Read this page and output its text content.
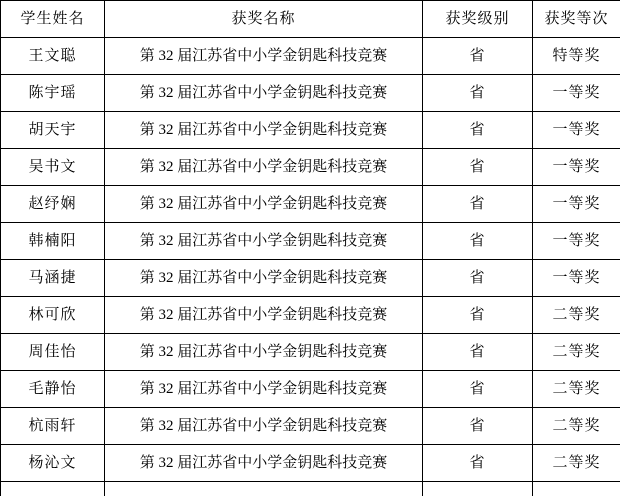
学生姓名	获奖名称	获奖级别	获奖等次
王文聪	第 32 届江苏省中小学金钥匙科技竞赛	省	特等奖
陈宇瑶	第 32 届江苏省中小学金钥匙科技竞赛	省	一等奖
胡天宇	第 32 届江苏省中小学金钥匙科技竞赛	省	一等奖
吴书文	第 32 届江苏省中小学金钥匙科技竞赛	省	一等奖
赵纾娴	第 32 届江苏省中小学金钥匙科技竞赛	省	一等奖
韩楠阳	第 32 届江苏省中小学金钥匙科技竞赛	省	一等奖
马涵捷	第 32 届江苏省中小学金钥匙科技竞赛	省	一等奖
林可欣	第 32 届江苏省中小学金钥匙科技竞赛	省	二等奖
周佳怡	第 32 届江苏省中小学金钥匙科技竞赛	省	二等奖
毛静怡	第 32 届江苏省中小学金钥匙科技竞赛	省	二等奖
杭雨轩	第 32 届江苏省中小学金钥匙科技竞赛	省	二等奖
杨沁文	第 32 届江苏省中小学金钥匙科技竞赛	省	二等奖
